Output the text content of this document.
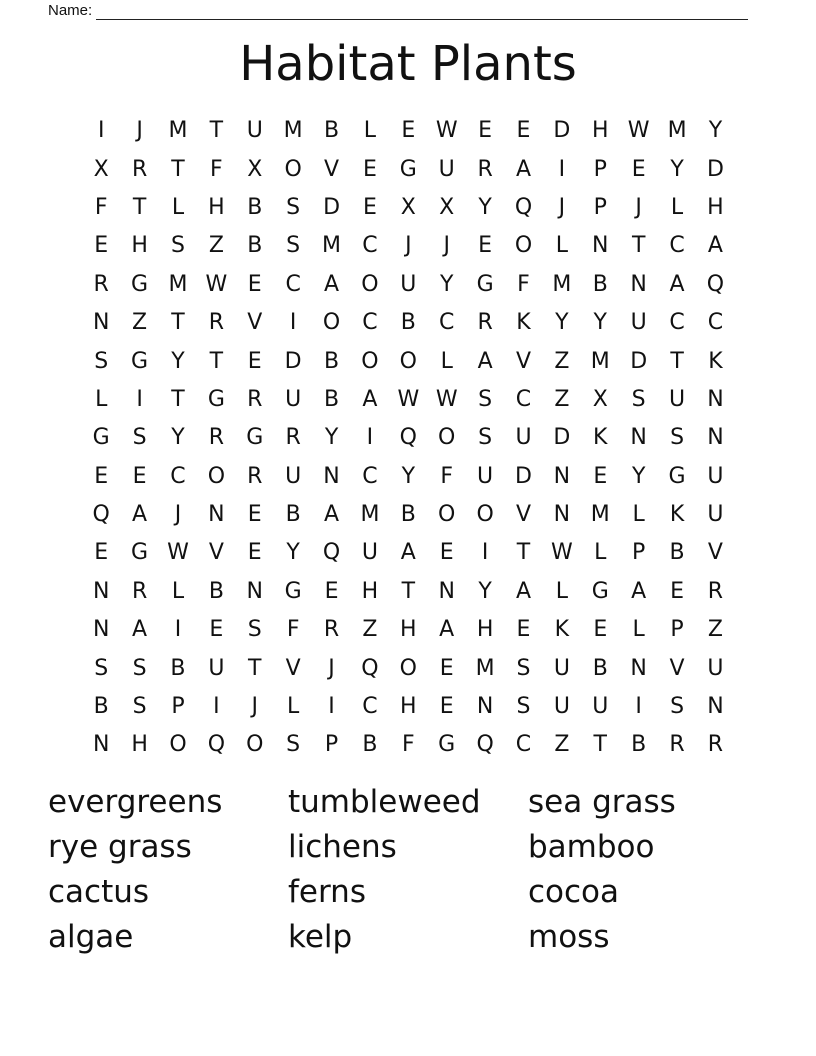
Name:
Habitat Plants
I	J	M	T	U M B	L	E W E	E	D H W M	Y
X	R	T	F	X	O	V	E	G U	R	A	I	P	E	Y	D
F	T	L	H	B	S	D	E	X	X	Y	Q	J	P	J	L	H
E	H	S	Z	B	S M C	J	J	E	O	L	N	T	C	A
R	G M W E	C	A	O U	Y	G	F	M B	N	A	Q
N	Z	T	R	V	I	O	C	B	C	R	K	Y	Y	U	C	C
S	G	Y	T	E	D	B	O O	L	A	V	Z M D	T	K
L	I	T	G	R	U	B	A W W S	C	Z	X	S	U	N
G	S	Y	R	G	R	Y	I	Q O	S	U D	K	N	S	N
E	E	C	O	R	U	N	C	Y	F	U D N	E	Y	G U
Q	A	J	N	E	B	A M B	O O	V	N M	L	K	U
E	G W V	E	Y	Q U	A	E	I	T W L	P	B	V
N	R	L	B	N G	E	H	T	N	Y	A	L	G	A	E	R
N	A	I	E	S	F	R	Z	H	A	H	E	K	E	L	P	Z
S	S	B	U	T	V	J	Q O	E M S	U	B	N	V	U
B	S	P	I	J	L	I	C	H	E	N	S	U	U	I	S	N
N H O Q O	S	P	B	F	G Q	C	Z	T	B	R	R
evergreens	tumbleweed	sea grass
rye grass	lichens	bamboo
cactus	ferns	cocoa
algae	kelp	moss
